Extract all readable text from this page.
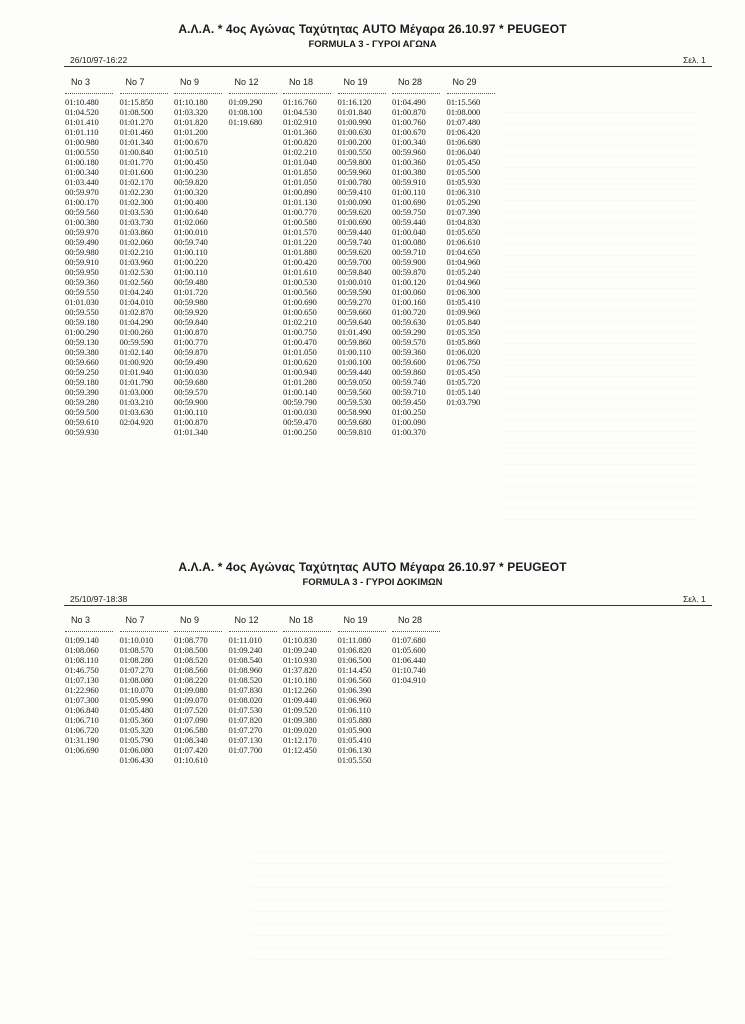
Α.Λ.Α. * 4ος Αγώνας Ταχύτητας AUTO Μέγαρα 26.10.97 * PEUGEOT
FORMULA 3 - ΓΥΡΟΙ ΑΓΩΝΑ
26/10/97-16:22	Σελ. 1
No 3
01:10.480
01:04.520
01:01.410
01:01.110
01:00.980
01:00.550
01:00.180
01:00.340
01:03.440
00:59.970
01:00.170
00:59.560
01:00.380
00:59.970
00:59.490
00:59.980
00:59.910
00:59.950
00:59.360
00:59.550
01:01.030
00:59.550
00:59.180
01:00.290
00:59.130
00:59.380
00:59.660
00:59.250
00:59.180
00:59.390
00:59.280
00:59.500
00:59.610
00:59.930
No 7
01:15.850
01:08.500
01:01.270
01:01.460
01:01.340
01:00.840
01:01.770
01:01.600
01:02.170
01:02.230
01:02.300
01:03.530
01:03.730
01:03.860
01:02.060
01:02.210
01:03.960
01:02.530
01:02.560
01:04.240
01:04.010
01:02.870
01:04.290
01:00.260
00:59.590
01:02.140
01:00.920
01:01.940
01:01.790
01:03.000
01:03.210
01:03.630
02:04.920
No 9
01:10.180
01:03.320
01:01.820
01:01.200
01:00.670
01:00.510
01:00.450
01:00.230
00:59.820
01:00.320
01:00.400
01:00.640
01:02.060
01:00.010
00:59.740
01:00.110
01:00.220
01:00.110
00:59.480
01:01.720
00:59.980
00:59.920
00:59.840
01:00.870
01:00.770
00:59.870
00:59.490
01:00.030
00:59.680
00:59.570
00:59.900
01:00.110
01:00.870
01:01.340
No 12
01:09.290
01:08.100
01:19.680
No 18
01:16.760
01:04.530
01:02.910
01:01.360
01:00.820
01:02.210
01:01.040
01:01.850
01:01.050
01:00.890
01:01.130
01:00.770
01:00.580
01:01.570
01:01.220
01:01.880
01:00.420
01:01.610
01:00.530
01:00.560
01:00.690
01:00.650
01:02.210
01:00.750
01:00.470
01:01.050
01:00.620
01:00.940
01:01.280
01:00.140
00:59.790
01:00.030
00:59.470
01:00.250
No 19
01:16.120
01:01.840
01:00.990
01:00.630
01:00.200
01:00.550
00:59.800
00:59.960
01:00.780
00:59.410
01:00.090
00:59.620
01:00.690
00:59.440
00:59.740
00:59.620
00:59.700
00:59.840
01:00.010
00:59.590
00:59.270
00:59.660
00:59.640
01:01.490
00:59.860
01:00.110
01:00.100
00:59.440
00:59.050
00:59.560
00:59.530
00:58.990
00:59.680
00:59.810
No 28
01:04.490
01:00.870
01:00.760
01:00.670
01:00.340
00:59.960
01:00.360
01:00.380
00:59.910
01:00.110
01:00.690
00:59.750
00:59.440
01:00.040
01:00.080
00:59.710
00:59.900
00:59.870
01:00.120
01:00.060
01:00.160
01:00.720
00:59.630
00:59.290
00:59.570
00:59.360
00:59.600
00:59.860
00:59.740
00:59.710
00:59.450
01:00.250
01:00.090
01:00.370
No 29
01:15.560
01:08.000
01:07.480
01:06.420
01:06.680
01:06.040
01:05.450
01:05.500
01:05.930
01:06.310
01:05.290
01:07.390
01:04.830
01:05.650
01:06.610
01:04.650
01:04.960
01:05.240
01:04.960
01:06.300
01:05.410
01:09.960
01:05.840
01:05.350
01:05.860
01:06.020
01:06.750
01:05.450
01:05.720
01:05.140
01:03.790
Α.Λ.Α. * 4ος Αγώνας Ταχύτητας AUTO Μέγαρα 26.10.97 * PEUGEOT
FORMULA 3 - ΓΥΡΟΙ ΔΟΚΙΜΩΝ
25/10/97-18:38	Σελ. 1
No 3
01:09.140
01:08.060
01:08.110
01:46.750
01:07.130
01:22.960
01:07.300
01:06.840
01:06.710
01:06.720
01:31.190
01:06.690
No 7
01:10.010
01:08.570
01:08.280
01:07.270
01:08.080
01:10.070
01:05.990
01:05.480
01:05.360
01:05.320
01:05.790
01:06.080
01:06.430
No 9
01:08.770
01:08.500
01:08.520
01:08.560
01:08.220
01:09.080
01:09.070
01:07.520
01:07.090
01:06.580
01:08.340
01:07.420
01:10.610
No 12
01:11.010
01:09.240
01:08.540
01:08.960
01:08.520
01:07.830
01:08.020
01:07.530
01:07.820
01:07.270
01:07.130
01:07.700
No 18
01:10.830
01:09.240
01:10.930
01:37.820
01:10.180
01:12.260
01:09.440
01:09.520
01:09.380
01:09.020
01:12.170
01:12.450
No 19
01:11.080
01:06.820
01:06.500
01:14.450
01:06.560
01:06.390
01:06.960
01:06.110
01:05.880
01:05.900
01:05.410
01:06.130
01:05.550
No 28
01:07.680
01:05.600
01:06.440
01:10.740
01:04.910
